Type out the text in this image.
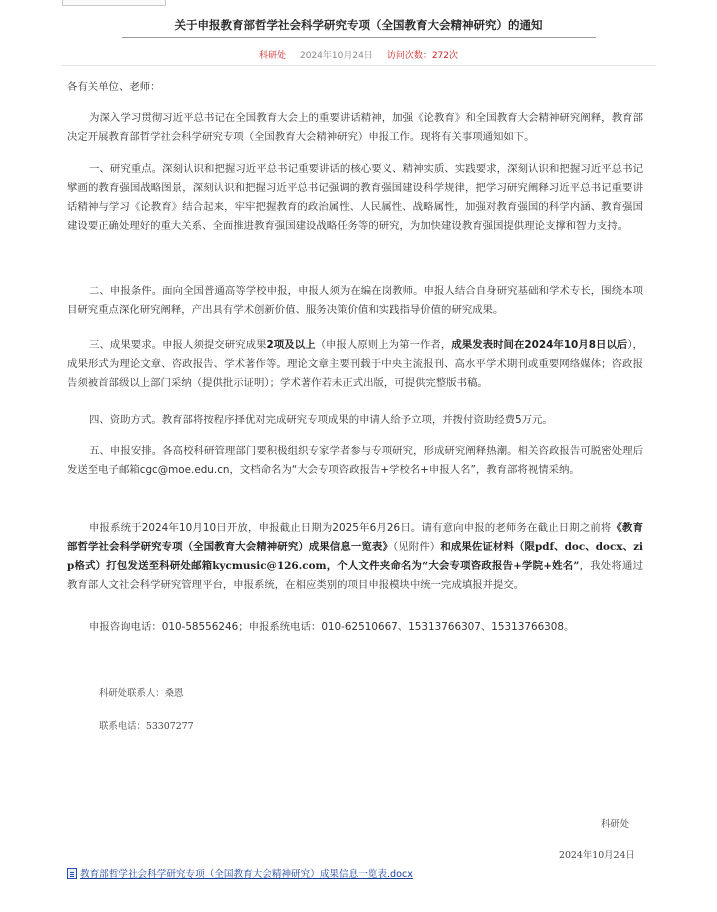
关于申报教育部哲学社会科学研究专项（全国教育大会精神研究）的通知
科研处 2024年10月24日 访问次数：272次

各有关单位、老师：

为深入学习贯彻习近平总书记在全国教育大会上的重要讲话精神，加强《论教育》和全国教育大会精神研究阐释，教育部决定开展教育部哲学社会科学研究专项（全国教育大会精神研究）申报工作。现将有关事项通知如下。

一、研究重点。深刻认识和把握习近平总书记重要讲话的核心要义、精神实质、实践要求，深刻认识和把握习近平总书记擘画的教育强国战略图景，深刻认识和把握习近平总书记强调的教育强国建设科学规律，把学习研究阐释习近平总书记重要讲话精神与学习《论教育》结合起来，牢牢把握教育的政治属性、人民属性、战略属性，加强对教育强国的科学内涵、教育强国建设要正确处理好的重大关系、全面推进教育强国建设战略任务等的研究，为加快建设教育强国提供理论支撑和智力支持。

二、申报条件。面向全国普通高等学校申报，申报人须为在编在岗教师。申报人结合自身研究基础和学术专长，围绕本项目研究重点深化研究阐释，产出具有学术创新价值、服务决策价值和实践指导价值的研究成果。

三、成果要求。申报人须提交研究成果2项及以上（申报人原则上为第一作者，成果发表时间在2024年10月8日以后），成果形式为理论文章、咨政报告、学术著作等。理论文章主要刊载于中央主流报刊、高水平学术期刊或重要网络媒体；咨政报告须被首部级以上部门采纳（提供批示证明）；学术著作若未正式出版，可提供完整版书稿。

四、资助方式。教育部将按程序择优对完成研究专项成果的申请人给予立项，并拨付资助经费5万元。

五、申报安排。各高校科研管理部门要积极组织专家学者参与专项研究，形成研究阐释热潮。相关咨政报告可脱密处理后发送至电子邮箱cgc@moe.edu.cn，文档命名为“大会专项咨政报告+学校名+申报人名”，教育部将视情采纳。

申报系统于2024年10月10日开放，申报截止日期为2025年6月26日。请有意向申报的老师务在截止日期之前将《教育部哲学社会科学研究专项（全国教育大会精神研究）成果信息一览表》（见附件）和成果佐证材料（限pdf、doc、docx、zip格式）打包发送至科研处邮箱kycmusic@126.com，个人文件夹命名为“大会专项咨政报告+学院+姓名”，我处将通过教育部人文社会科学研究管理平台，申报系统，在相应类别的项目申报模块中统一完成填报并提交。

申报咨询电话：010-58556246；申报系统电话：010-62510667、15313766307、15313766308。

科研处联系人：桑恩
联系电话：53307277
科研处
2024年10月24日
教育部哲学社会科学研究专项（全国教育大会精神研究）成果信息一览表.docx
